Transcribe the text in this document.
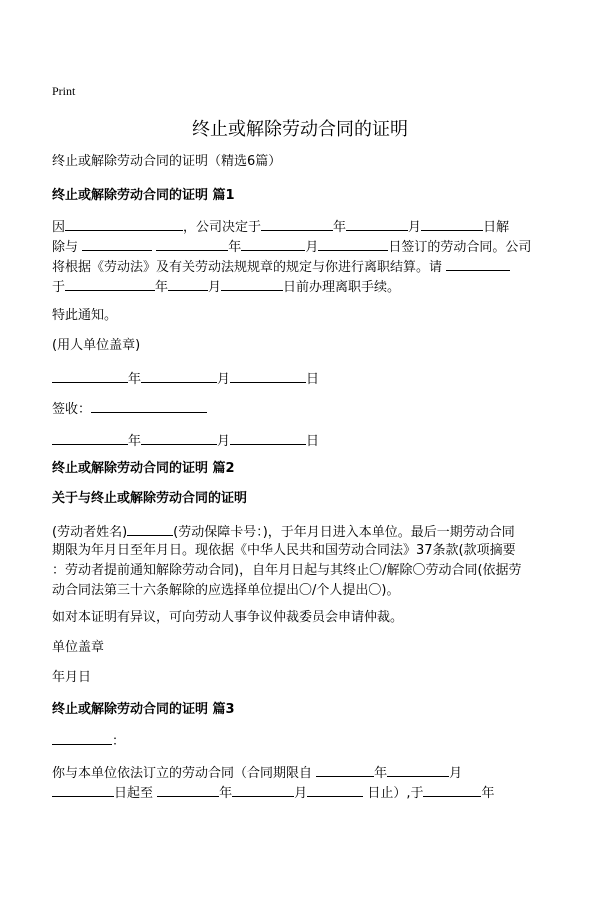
Print
终止或解除劳动合同的证明
终止或解除劳动合同的证明（精选6篇）
终止或解除劳动合同的证明 篇1
因	，公司决定于	年	月	日解
除与	年	月	日签订的劳动合同。公司
将根据《劳动法》及有关劳动法规规章的规定与你进行离职结算。请
于	年	月	日前办理离职手续。
特此通知。
(用人单位盖章)
年	月	日
签收：
年	月	日
终止或解除劳动合同的证明 篇2
关于与终止或解除劳动合同的证明
(劳动者姓名)	(劳动保障卡号：)，于年月日进入本单位。最后一期劳动合同
期限为年月日至年月日。现依据《中华人民共和国劳动合同法》37条款(款项摘要
：劳动者提前通知解除劳动合同)，自年月日起与其终止〇/解除〇劳动合同(依据劳
动合同法第三十六条解除的应选择单位提出〇/个人提出〇)。
如对本证明有异议，可向劳动人事争议仲裁委员会申请仲裁。
单位盖章
年月日
终止或解除劳动合同的证明 篇3
：
你与本单位依法订立的劳动合同（合同期限自	年	月
日起至	年	月	日止）,于	年
